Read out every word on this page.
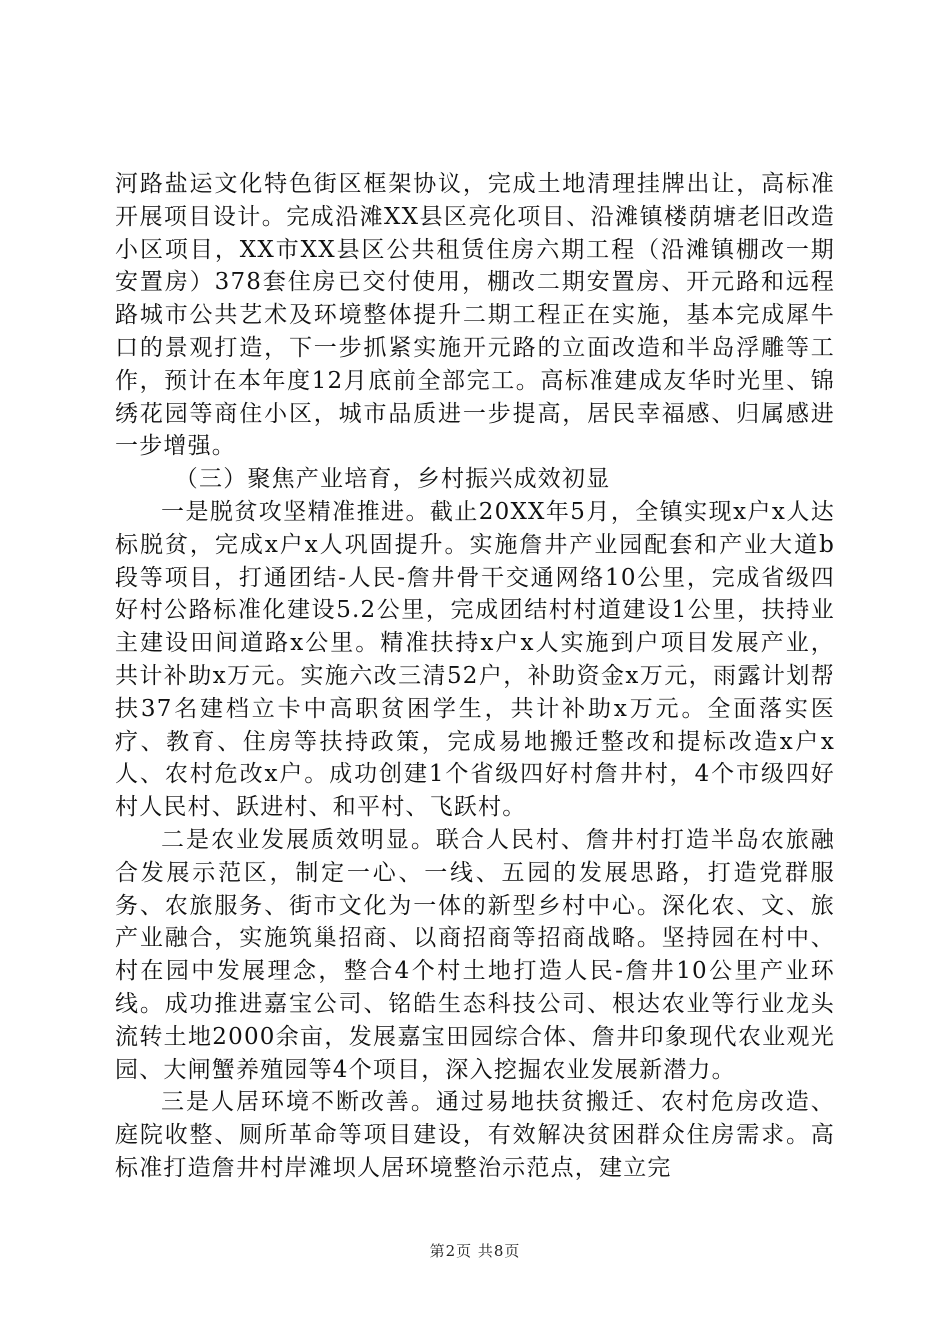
河路盐运文化特色街区框架协议，完成土地清理挂牌出让，高标准开展项目设计。完成沿滩XX县区亮化项目、沿滩镇楼荫塘老旧改造小区项目，XX市XX县区公共租赁住房六期工程（沿滩镇棚改一期安置房）378套住房已交付使用，棚改二期安置房、开元路和远程路城市公共艺术及环境整体提升二期工程正在实施，基本完成犀牛口的景观打造，下一步抓紧实施开元路的立面改造和半岛浮雕等工作，预计在本年度12月底前全部完工。高标准建成友华时光里、锦绣花园等商住小区，城市品质进一步提高，居民幸福感、归属感进一步增强。

（三）聚焦产业培育，乡村振兴成效初显

一是脱贫攻坚精准推进。截止20XX年5月，全镇实现x户x人达标脱贫，完成x户x人巩固提升。实施詹井产业园配套和产业大道b段等项目，打通团结-人民-詹井骨干交通网络10公里，完成省级四好村公路标准化建设5.2公里，完成团结村村道建设1公里，扶持业主建设田间道路x公里。精准扶持x户x人实施到户项目发展产业，共计补助x万元。实施六改三清52户，补助资金x万元，雨露计划帮扶37名建档立卡中高职贫困学生，共计补助x万元。全面落实医疗、教育、住房等扶持政策，完成易地搬迁整改和提标改造x户x人、农村危改x户。成功创建1个省级四好村詹井村，4个市级四好村人民村、跃进村、和平村、飞跃村。

二是农业发展质效明显。联合人民村、詹井村打造半岛农旅融合发展示范区，制定一心、一线、五园的发展思路，打造党群服务、农旅服务、街市文化为一体的新型乡村中心。深化农、文、旅产业融合，实施筑巢招商、以商招商等招商战略。坚持园在村中、村在园中发展理念，整合4个村土地打造人民-詹井10公里产业环线。成功推进嘉宝公司、铭皓生态科技公司、根达农业等行业龙头流转土地2000余亩，发展嘉宝田园综合体、詹井印象现代农业观光园、大闸蟹养殖园等4个项目，深入挖掘农业发展新潜力。

三是人居环境不断改善。通过易地扶贫搬迁、农村危房改造、庭院收整、厕所革命等项目建设，有效解决贫困群众住房需求。高标准打造詹井村岸滩坝人居环境整治示范点，建立完

第2页 共8页
